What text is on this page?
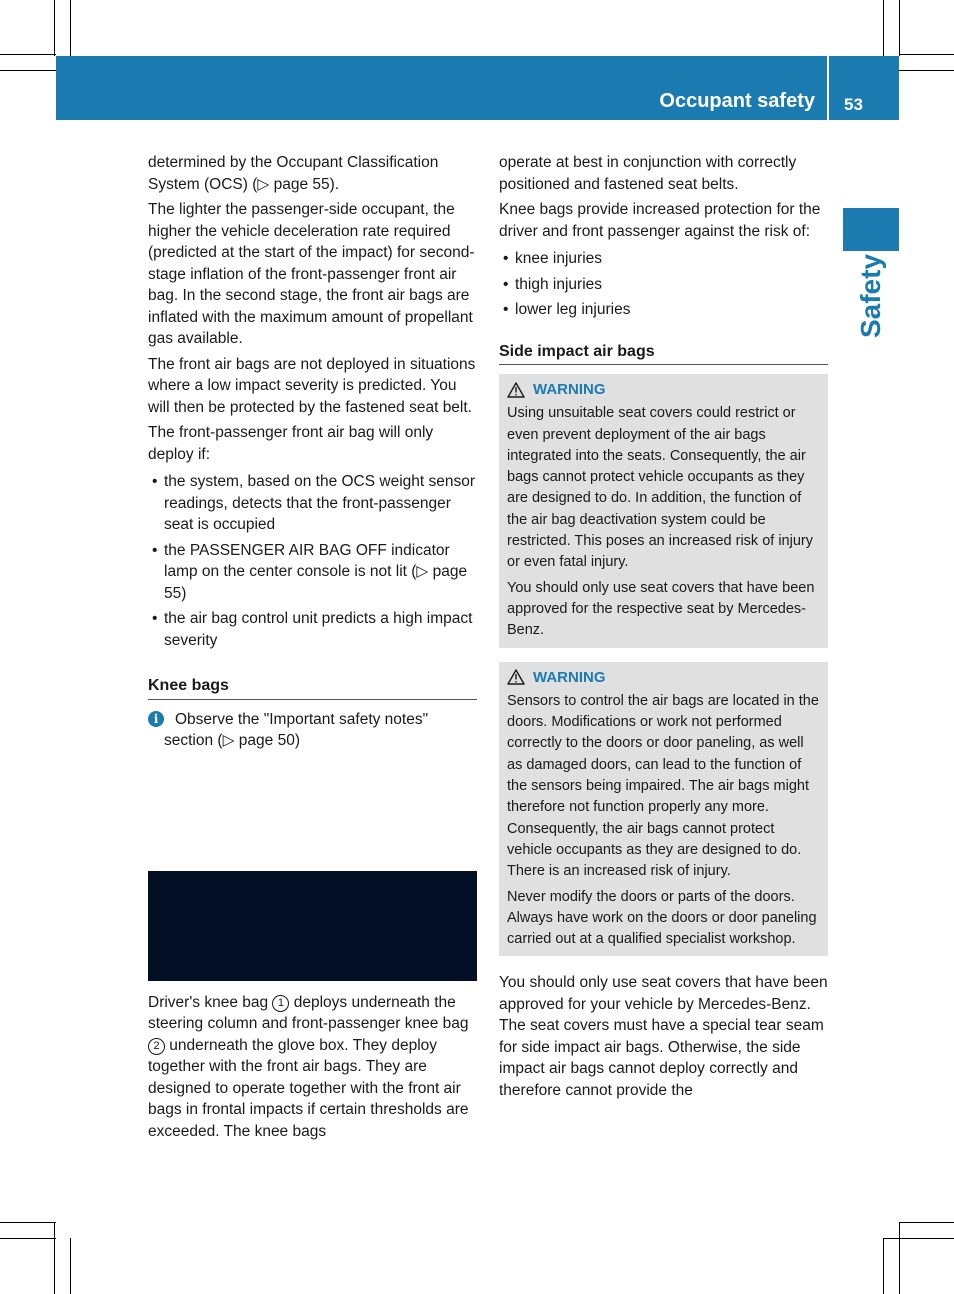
Occupant safety 53
Safety

determined by the Occupant Classification System (OCS) (▷ page 55).

The lighter the passenger-side occupant, the higher the vehicle deceleration rate required (predicted at the start of the impact) for second-stage inflation of the front-passenger front air bag. In the second stage, the front air bags are inflated with the maximum amount of propellant gas available.

The front air bags are not deployed in situations where a low impact severity is predicted. You will then be protected by the fastened seat belt.

The front-passenger front air bag will only deploy if:

• the system, based on the OCS weight sensor readings, detects that the front-passenger seat is occupied
• the PASSENGER AIR BAG OFF indicator lamp on the center console is not lit (▷ page 55)
• the air bag control unit predicts a high impact severity
Knee bags
i	Observe the "Important safety notes" section (▷ page 50)

Driver's knee bag 1 deploys underneath the steering column and front-passenger knee bag 2 underneath the glove box. They deploy together with the front air bags. They are designed to operate together with the front air bags in frontal impacts if certain thresholds are exceeded. The knee bags

operate at best in conjunction with correctly positioned and fastened seat belts.

Knee bags provide increased protection for the driver and front passenger against the risk of:

• knee injuries
• thigh injuries
• lower leg injuries
Side impact air bags
WARNING

Using unsuitable seat covers could restrict or even prevent deployment of the air bags integrated into the seats. Consequently, the air bags cannot protect vehicle occupants as they are designed to do. In addition, the function of the air bag deactivation system could be restricted. This poses an increased risk of injury or even fatal injury.

You should only use seat covers that have been approved for the respective seat by Mercedes-Benz.

WARNING

Sensors to control the air bags are located in the doors. Modifications or work not performed correctly to the doors or door paneling, as well as damaged doors, can lead to the function of the sensors being impaired. The air bags might therefore not function properly any more. Consequently, the air bags cannot protect vehicle occupants as they are designed to do. There is an increased risk of injury.

Never modify the doors or parts of the doors. Always have work on the doors or door paneling carried out at a qualified specialist workshop.

You should only use seat covers that have been approved for your vehicle by Mercedes-Benz. The seat covers must have a special tear seam for side impact air bags. Otherwise, the side impact air bags cannot deploy correctly and therefore cannot provide the
